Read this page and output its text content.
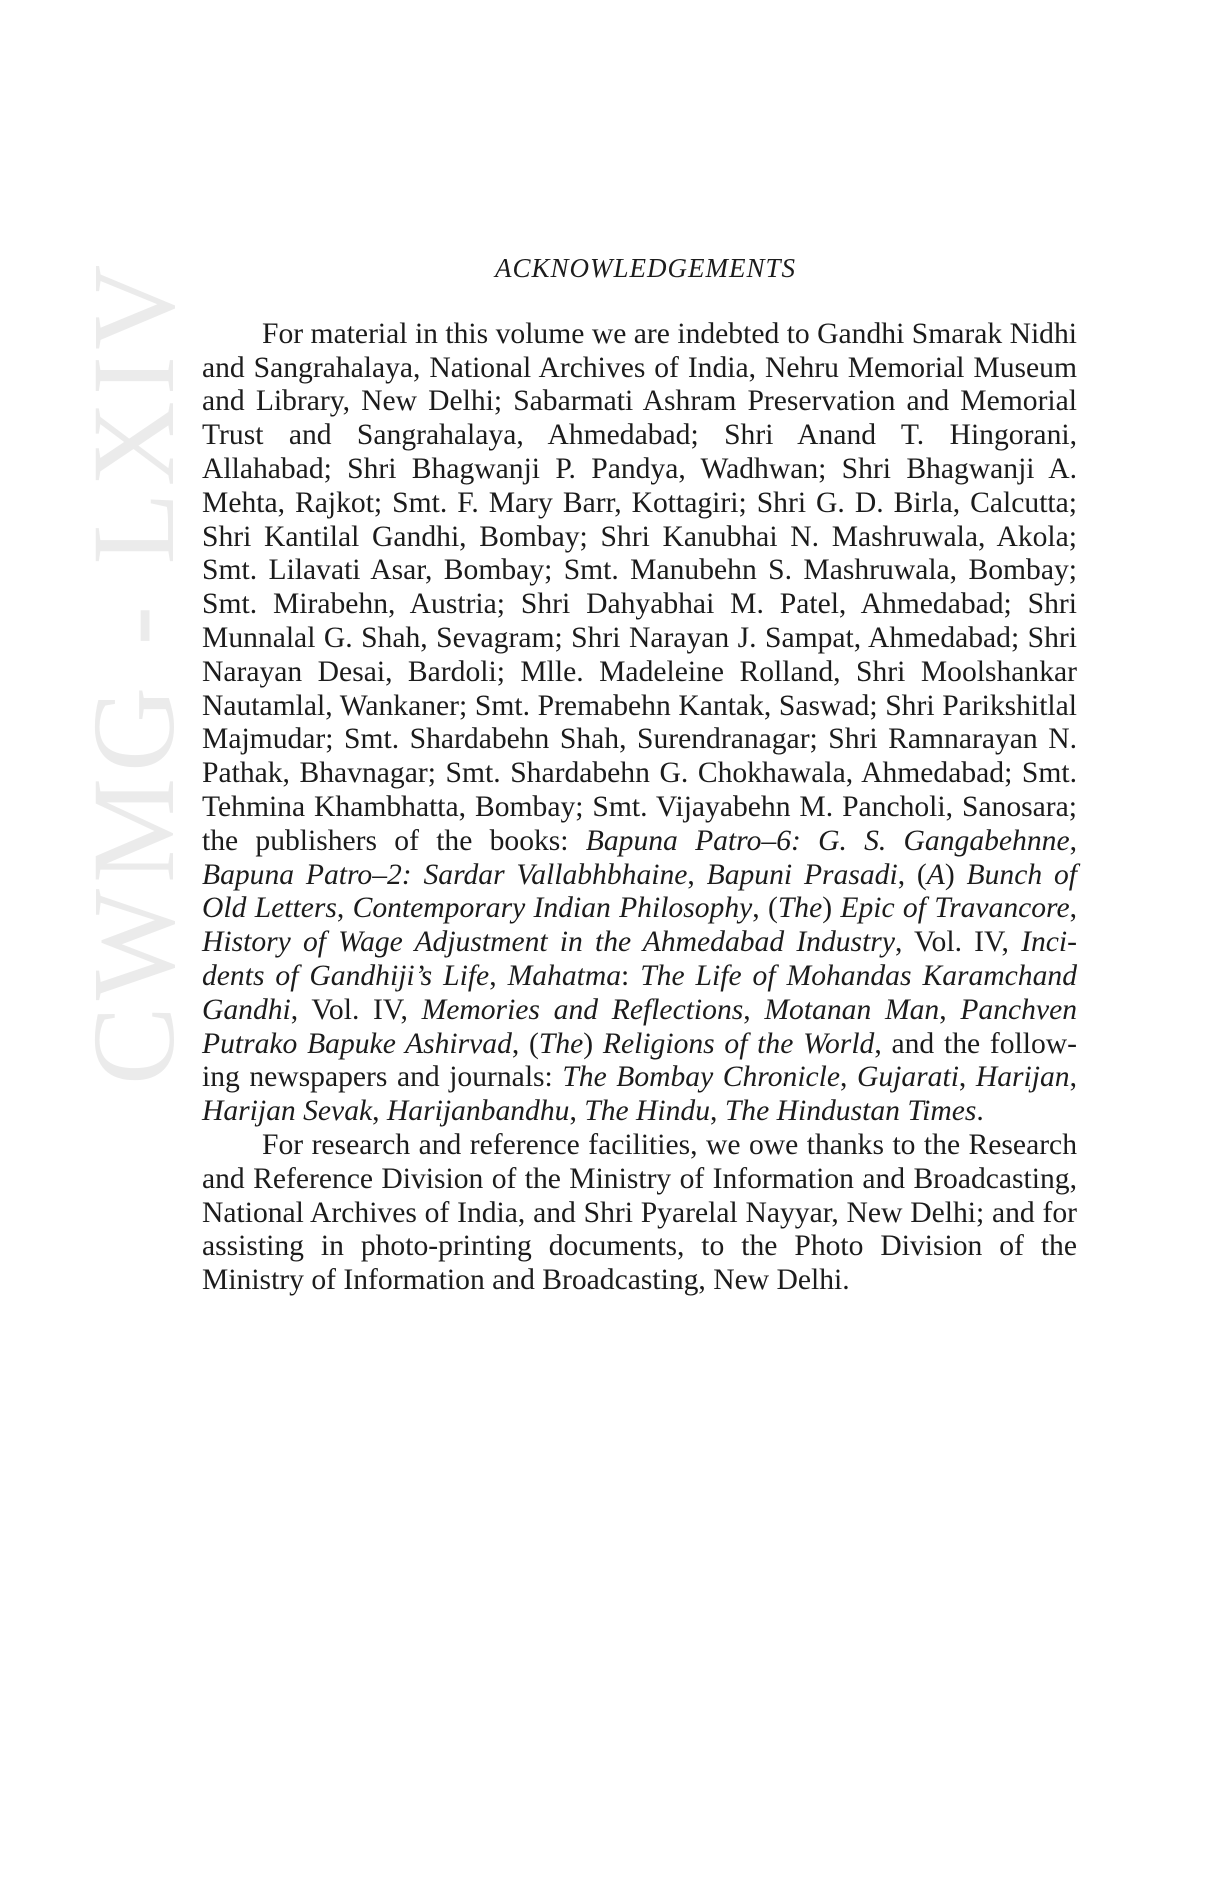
CWMG - LXIV	ACKNOWLEDGEMENTS

For material in this volume we are indebted to Gandhi Smarak Nidhi and Sangrahalaya, National Archives of India, Nehru Memorial Museum and Library, New Delhi; Sabarmati Ashram Preservation and Memorial Trust and Sangrahalaya, Ahmedabad; Shri Anand T. Hingorani, Allahabad; Shri Bhagwanji P. Pandya, Wadhwan; Shri Bhagwanji A. Mehta, Rajkot; Smt. F. Mary Barr, Kottagiri; Shri G. D. Birla, Calcutta; Shri Kantilal Gandhi, Bombay; Shri Kanubhai N. Mashruwala, Akola; Smt. Lilavati Asar, Bombay; Smt. Manubehn S. Mashruwala, Bombay; Smt. Mirabehn, Austria; Shri Dahyabhai M. Patel, Ahmedabad; Shri Munnalal G. Shah, Sevagram; Shri Narayan J. Sampat, Ahmedabad; Shri Narayan Desai, Bardoli; Mlle. Madeleine Rolland, Shri Moolshankar Nautamlal, Wankaner; Smt. Premabehn Kantak, Saswad; Shri Parikshitlal Majmudar; Smt. Shardabehn Shah, Surendranagar; Shri Ramnarayan N. Pathak, Bhavnagar; Smt. Shardabehn G. Chokhawala, Ahmedabad; Smt. Tehmina Khambhatta, Bombay; Smt. Vijayabehn M. Pancholi, Sanosara; the publishers of the books: Bapuna Patro–6: G. S. Gangabehnne, Bapuna Patro–2: Sardar Vallabhbhaine, Bapuni Prasadi, (A) Bunch of Old Letters, Contemporary Indian Philosophy, (The) Epic of Travancore, History of Wage Adjustment in the Ahmedabad Industry, Vol. IV, Incidents of Gandhiji’s Life, Mahatma: The Life of Mohandas Karamchand Gandhi, Vol. IV, Memories and Reflections, Motanan Man, Panchven Putrako Bapuke Ashirvad, (The) Religions of the World, and the following newspapers and journals: The Bombay Chronicle, Gujarati, Harijan, Harijan Sevak, Harijanbandhu, The Hindu, The Hindustan Times.

For research and reference facilities, we owe thanks to the Research and Reference Division of the Ministry of Information and Broadcasting, National Archives of India, and Shri Pyarelal Nayyar, New Delhi; and for assisting in photo-printing documents, to the Photo Division of the Ministry of Information and Broadcasting, New Delhi.
